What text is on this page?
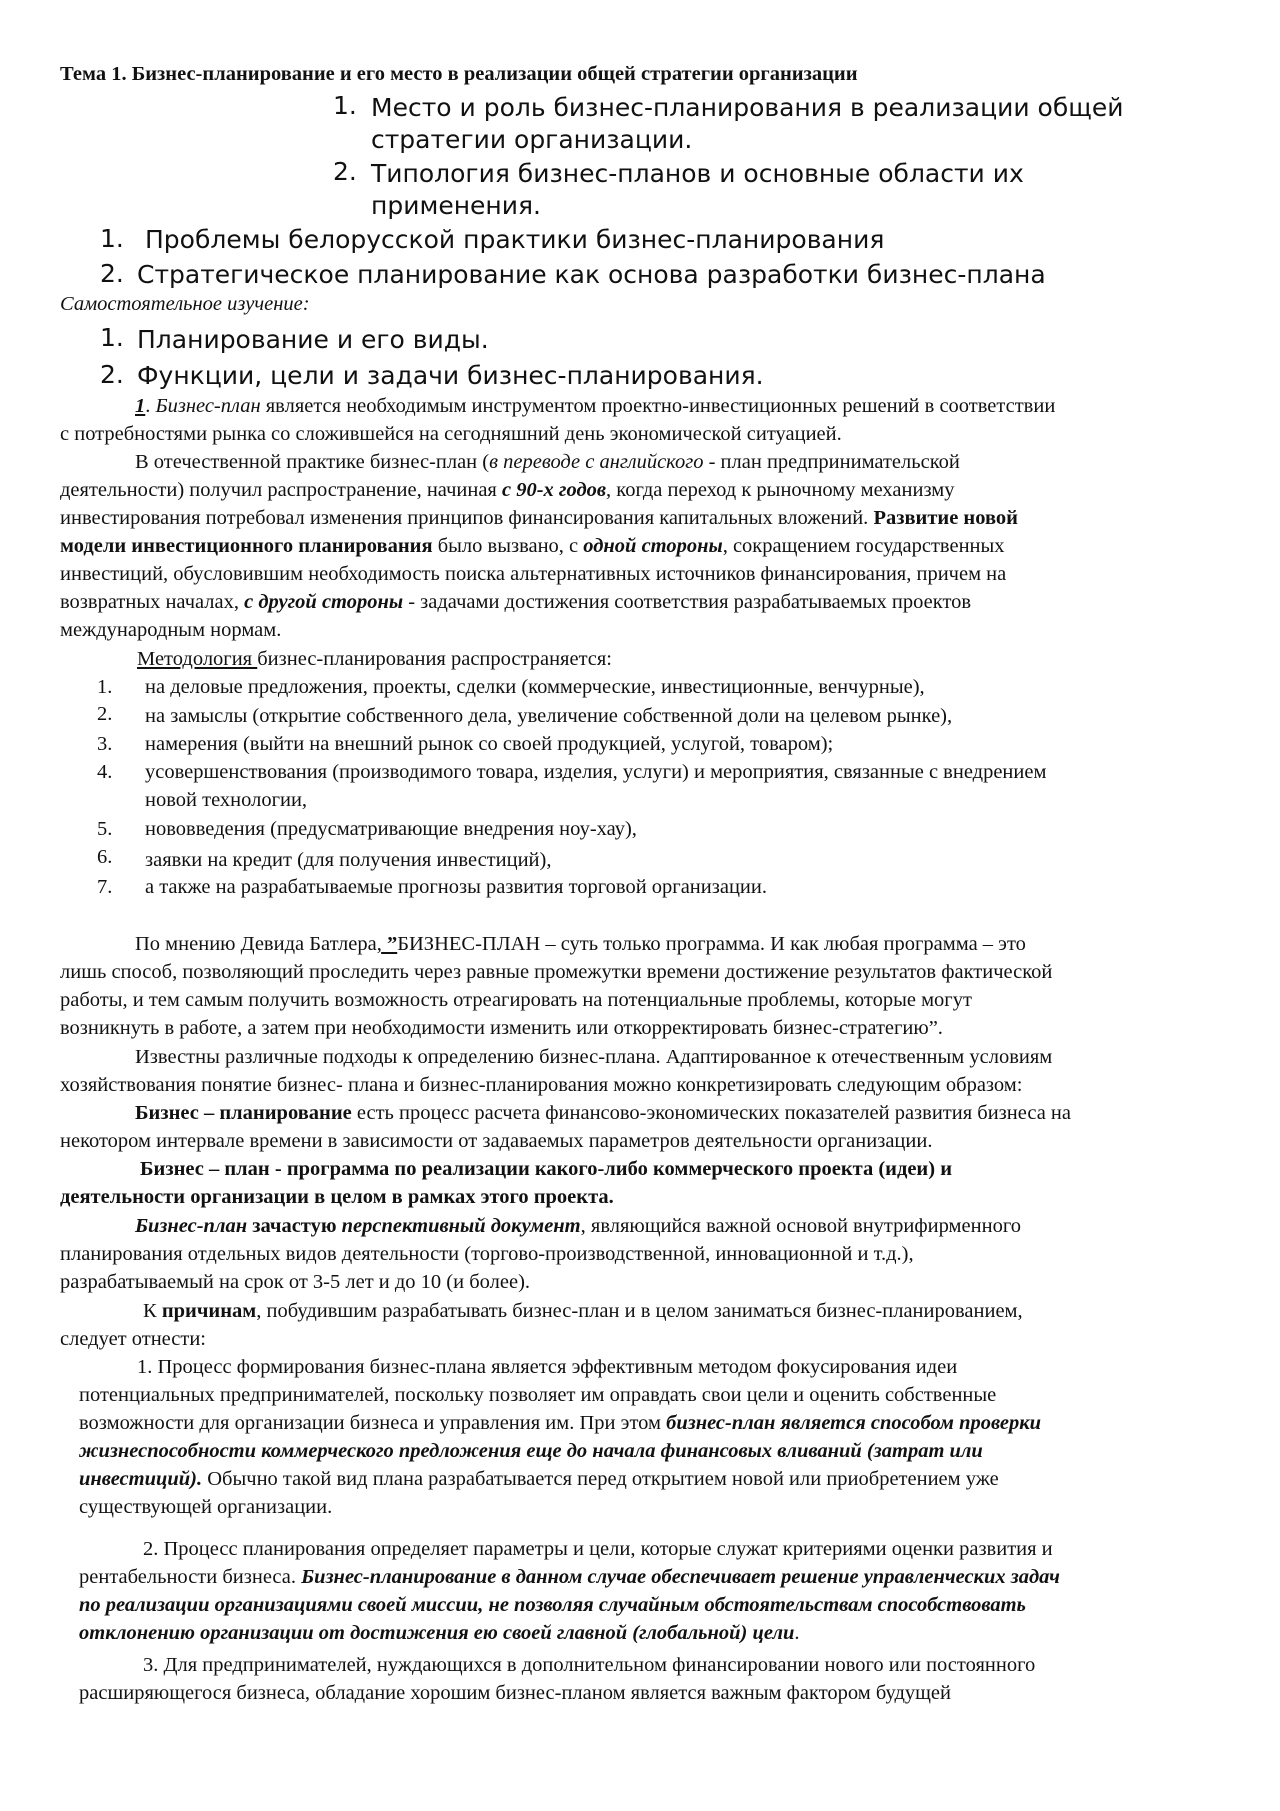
Тема 1. Бизнес-планирование и его место в реализации общей стратегии организации
1. Место и роль бизнес-планирования в реализации общей
стратегии организации.
2. Типология бизнес-планов и основные области их
применения.
1. Проблемы белорусской практики бизнес-планирования
2. Стратегическое планирование как основа разработки бизнес-плана
Самостоятельное изучение:
1. Планирование и его виды.
2. Функции, цели и задачи бизнес-планирования.
1. Бизнес-план является необходимым инструментом проектно-инвестиционных решений в соответствии
с потребностями рынка со сложившейся на сегодняшний день экономической ситуацией.
В отечественной практике бизнес-план (в переводе с английского - план предпринимательской
деятельности) получил распространение, начиная с 90-х годов, когда переход к рыночному механизму
инвестирования потребовал изменения принципов финансирования капитальных вложений. Развитие новой
модели инвестиционного планирования было вызвано, с одной стороны, сокращением государственных
инвестиций, обусловившим необходимость поиска альтернативных источников финансирования, причем на
возвратных началах, с другой стороны - задачами достижения соответствия разрабатываемых проектов
международным нормам.
Методология бизнес-планирования распространяется:
1. на деловые предложения, проекты, сделки (коммерческие, инвестиционные, венчурные),
2. на замыслы (открытие собственного дела, увеличение собственной доли на целевом рынке),
3. намерения (выйти на внешний рынок со своей продукцией, услугой, товаром);
4. усовершенствования (производимого товара, изделия, услуги) и мероприятия, связанные с внедрением
новой технологии,
5. нововведения (предусматривающие внедрения ноу-хау),
6. заявки на кредит (для получения инвестиций),
7. а также на разрабатываемые прогнозы развития торговой организации.
По мнению Девида Батлера, ”БИЗНЕС-ПЛАН – суть только программа. И как любая программа – это
лишь способ, позволяющий проследить через равные промежутки времени достижение результатов фактической
работы, и тем самым получить возможность отреагировать на потенциальные проблемы, которые могут
возникнуть в работе, а затем при необходимости изменить или откорректировать бизнес-стратегию”.
Известны различные подходы к определению бизнес-плана. Адаптированное к отечественным условиям
хозяйствования понятие бизнес- плана и бизнес-планирования можно конкретизировать следующим образом:
Бизнес – планирование есть процесс расчета финансово-экономических показателей развития бизнеса на
некотором интервале времени в зависимости от задаваемых параметров деятельности организации.
Бизнес – план - программа по реализации какого-либо коммерческого проекта (идеи) и
деятельности организации в целом в рамках этого проекта.
Бизнес-план зачастую перспективный документ, являющийся важной основой внутрифирменного
планирования отдельных видов деятельности (торгово-производственной, инновационной и т.д.),
разрабатываемый на срок от 3-5 лет и до 10 (и более).
К причинам, побудившим разрабатывать бизнес-план и в целом заниматься бизнес-планированием,
следует отнести:
1. Процесс формирования бизнес-плана является эффективным методом фокусирования идеи
потенциальных предпринимателей, поскольку позволяет им оправдать свои цели и оценить собственные
возможности для организации бизнеса и управления им. При этом бизнес-план является способом проверки
жизнеспособности коммерческого предложения еще до начала финансовых вливаний (затрат или
инвестиций). Обычно такой вид плана разрабатывается перед открытием новой или приобретением уже
существующей организации.
2. Процесс планирования определяет параметры и цели, которые служат критериями оценки развития и
рентабельности бизнеса. Бизнес-планирование в данном случае обеспечивает решение управленческих задач
по реализации организациями своей миссии, не позволяя случайным обстоятельствам способствовать
отклонению организации от достижения ею своей главной (глобальной) цели.
3. Для предпринимателей, нуждающихся в дополнительном финансировании нового или постоянного
расширяющегося бизнеса, обладание хорошим бизнес-планом является важным фактором будущей
